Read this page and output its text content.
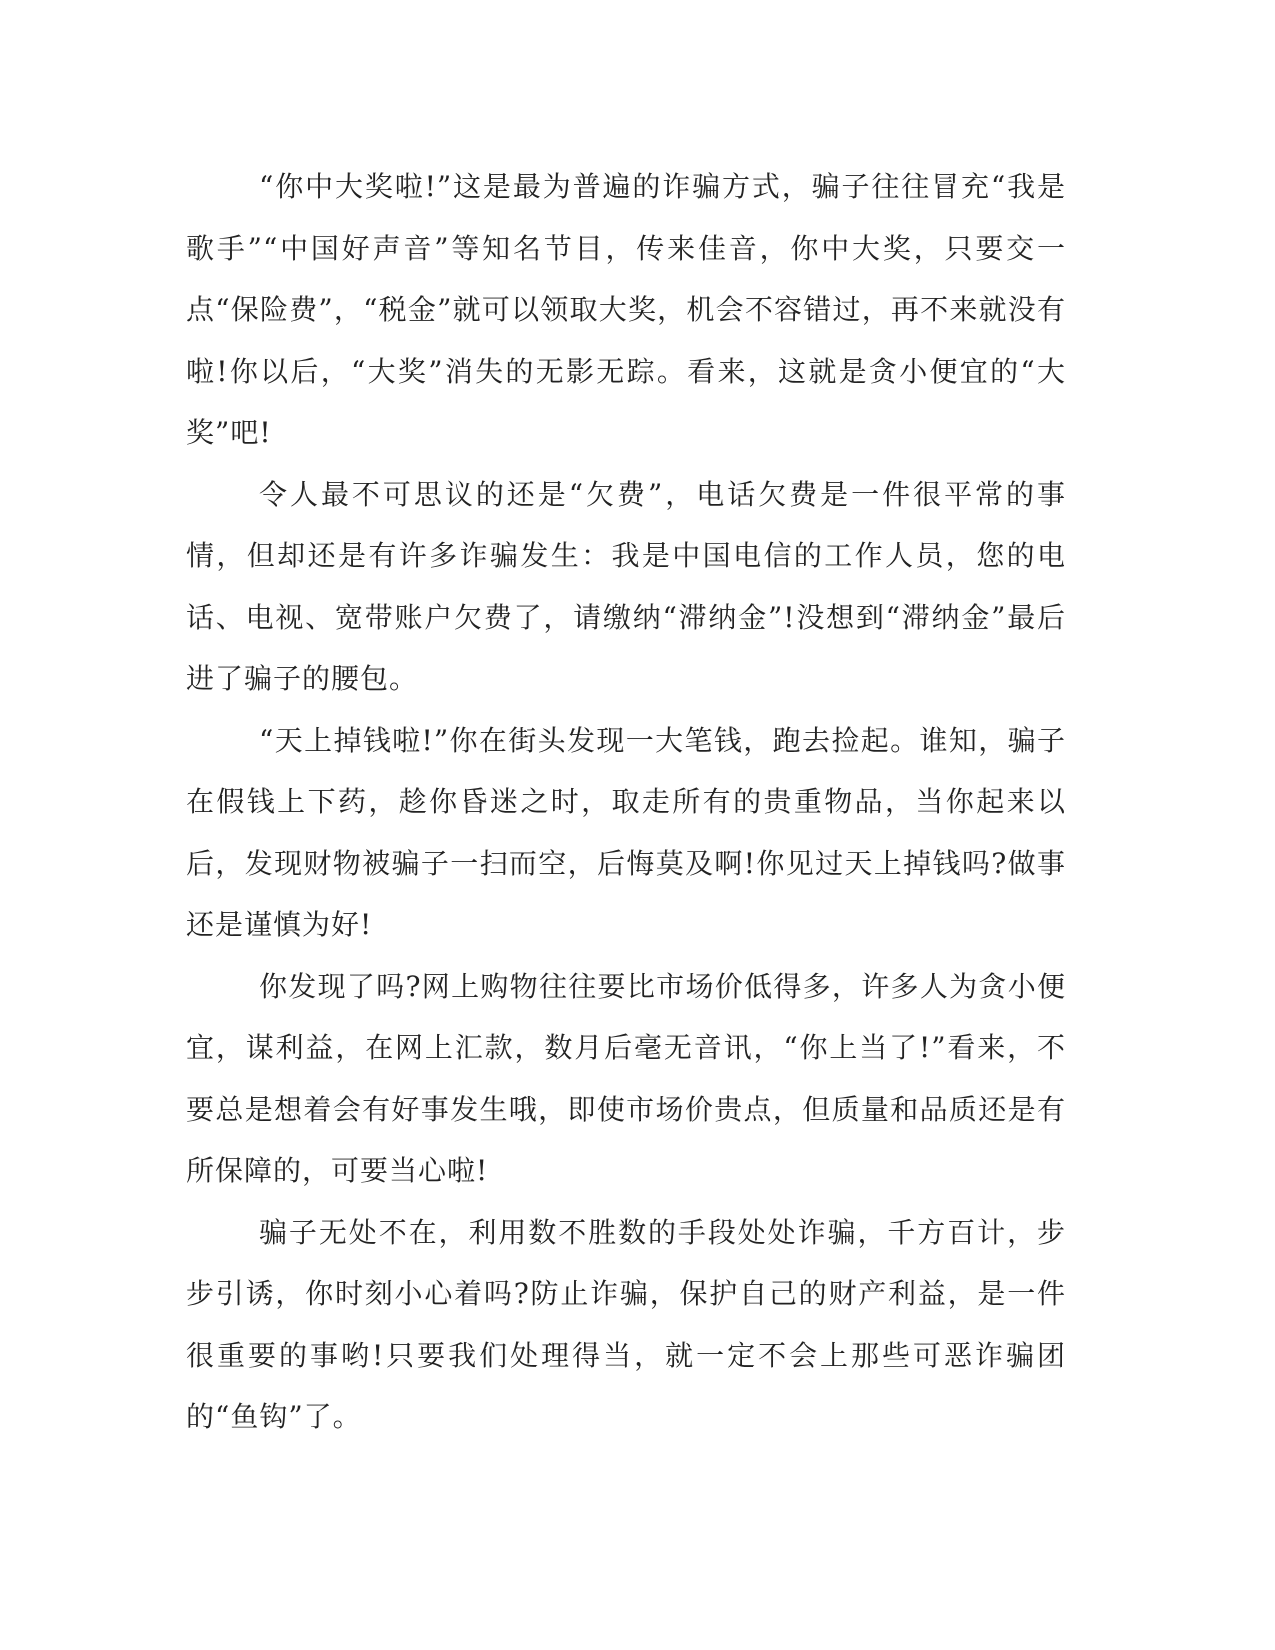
“你中大奖啦!”这是最为普遍的诈骗方式，骗子往往冒充“我是歌手”“中国好声音”等知名节目，传来佳音，你中大奖，只要交一点“保险费”，“税金”就可以领取大奖，机会不容错过，再不来就没有啦!你以后，“大奖”消失的无影无踪。看来，这就是贪小便宜的“大奖”吧!

令人最不可思议的还是“欠费”，电话欠费是一件很平常的事情，但却还是有许多诈骗发生：我是中国电信的工作人员，您的电话、电视、宽带账户欠费了，请缴纳“滞纳金”!没想到“滞纳金”最后进了骗子的腰包。

“天上掉钱啦!”你在街头发现一大笔钱，跑去捡起。谁知，骗子在假钱上下药，趁你昏迷之时，取走所有的贵重物品，当你起来以后，发现财物被骗子一扫而空，后悔莫及啊!你见过天上掉钱吗?做事还是谨慎为好!

你发现了吗?网上购物往往要比市场价低得多，许多人为贪小便宜，谋利益，在网上汇款，数月后毫无音讯，“你上当了!”看来，不要总是想着会有好事发生哦，即使市场价贵点，但质量和品质还是有所保障的，可要当心啦!

骗子无处不在，利用数不胜数的手段处处诈骗，千方百计，步步引诱，你时刻小心着吗?防止诈骗，保护自己的财产利益，是一件很重要的事哟!只要我们处理得当，就一定不会上那些可恶诈骗团的“鱼钩”了。
